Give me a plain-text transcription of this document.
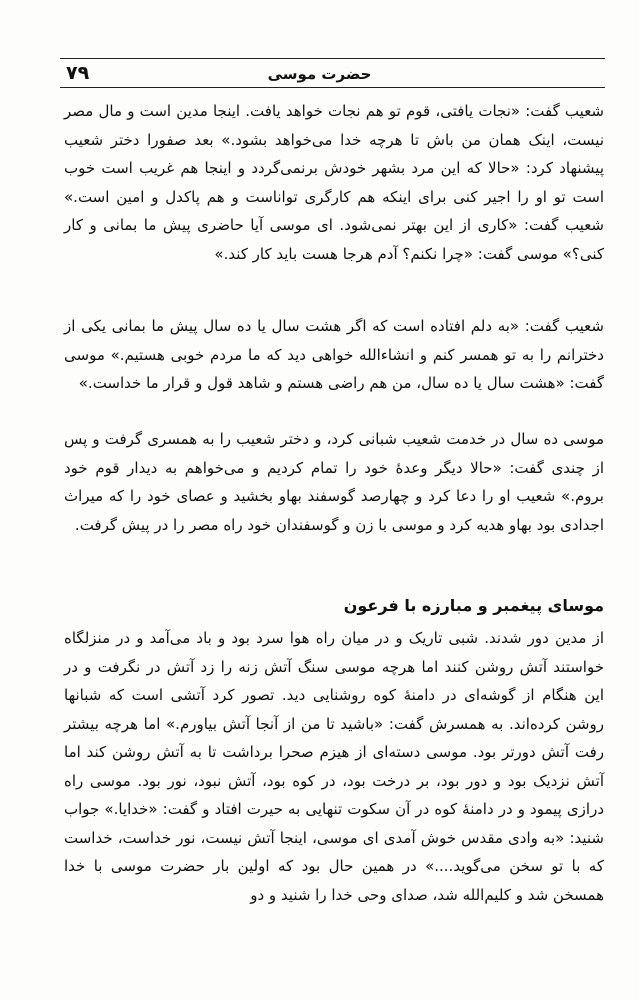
۷۹	حضرت موسی

شعیب گفت: «نجات یافتی، قوم تو هم نجات خواهد یافت. اینجا مدین است و مال مصر نیست، اینک همان من باش تا هرچه خدا می‌خواهد بشود.» بعد صفورا دختر شعیب پیشنهاد کرد: «حالا که این مرد بشهر خودش برنمی‌گردد و اینجا هم غریب است خوب است تو او را اجیر کنی برای اینکه هم کارگری تواناست و هم پاکدل و امین است.» شعیب گفت: «کاری از این بهتر نمی‌شود. ای موسی آیا حاضری پیش ما بمانی و کار کنی؟» موسی گفت: «چرا نکنم؟ آدم هرجا هست باید کار کند.»

شعیب گفت: «به دلم افتاده است که اگر هشت سال یا ده سال پیش ما بمانی یکی از دخترانم را به تو همسر کنم و انشاءالله خواهی دید که ما مردم خوبی هستیم.» موسی گفت: «هشت سال یا ده سال، من هم راضی هستم و شاهد قول و قرار ما خداست.»

موسی ده سال در خدمت شعیب شبانی کرد، و دختر شعیب را به همسری گرفت و پس از چندی گفت: «حالا دیگر وعدهٔ خود را تمام کردیم و می‌خواهم به دیدار قوم خود بروم.» شعیب او را دعا کرد و چهارصد گوسفند بهاو بخشید و عصای خود را که میراث اجدادی بود بهاو هدیه کرد و موسی با زن و گوسفندان خود راه مصر را در پیش گرفت.

موسای پیغمبر و مبارزه با فرعون

از مدین دور شدند. شبی تاریک و در میان راه هوا سرد بود و باد می‌آمد و در منزلگاه خواستند آتش روشن کنند اما هرچه موسی سنگ آتش زنه را زد آتش در نگرفت و در این هنگام از گوشه‌ای در دامنهٔ کوه روشنایی دید. تصور کرد آتشی است که شبانها روشن کرده‌اند. به همسرش گفت: «باشید تا من از آنجا آتش بیاورم.» اما هرچه بیشتر رفت آتش دورتر بود. موسی دسته‌ای از هیزم صحرا برداشت تا به آتش روشن کند اما آتش نزدیک بود و دور بود، بر درخت بود، در کوه بود، آتش نبود، نور بود. موسی راه درازی پیمود و در دامنهٔ کوه در آن سکوت تنهایی به حیرت افتاد و گفت: «خدایا.» جواب شنید: «به وادی مقدس خوش آمدی ای موسی، اینجا آتش نیست، نور خداست، خداست که با تو سخن می‌گوید....» در همین حال بود که اولین بار حضرت موسی با خدا همسخن شد و کلیم‌الله شد، صدای وحی خدا را شنید و دو
